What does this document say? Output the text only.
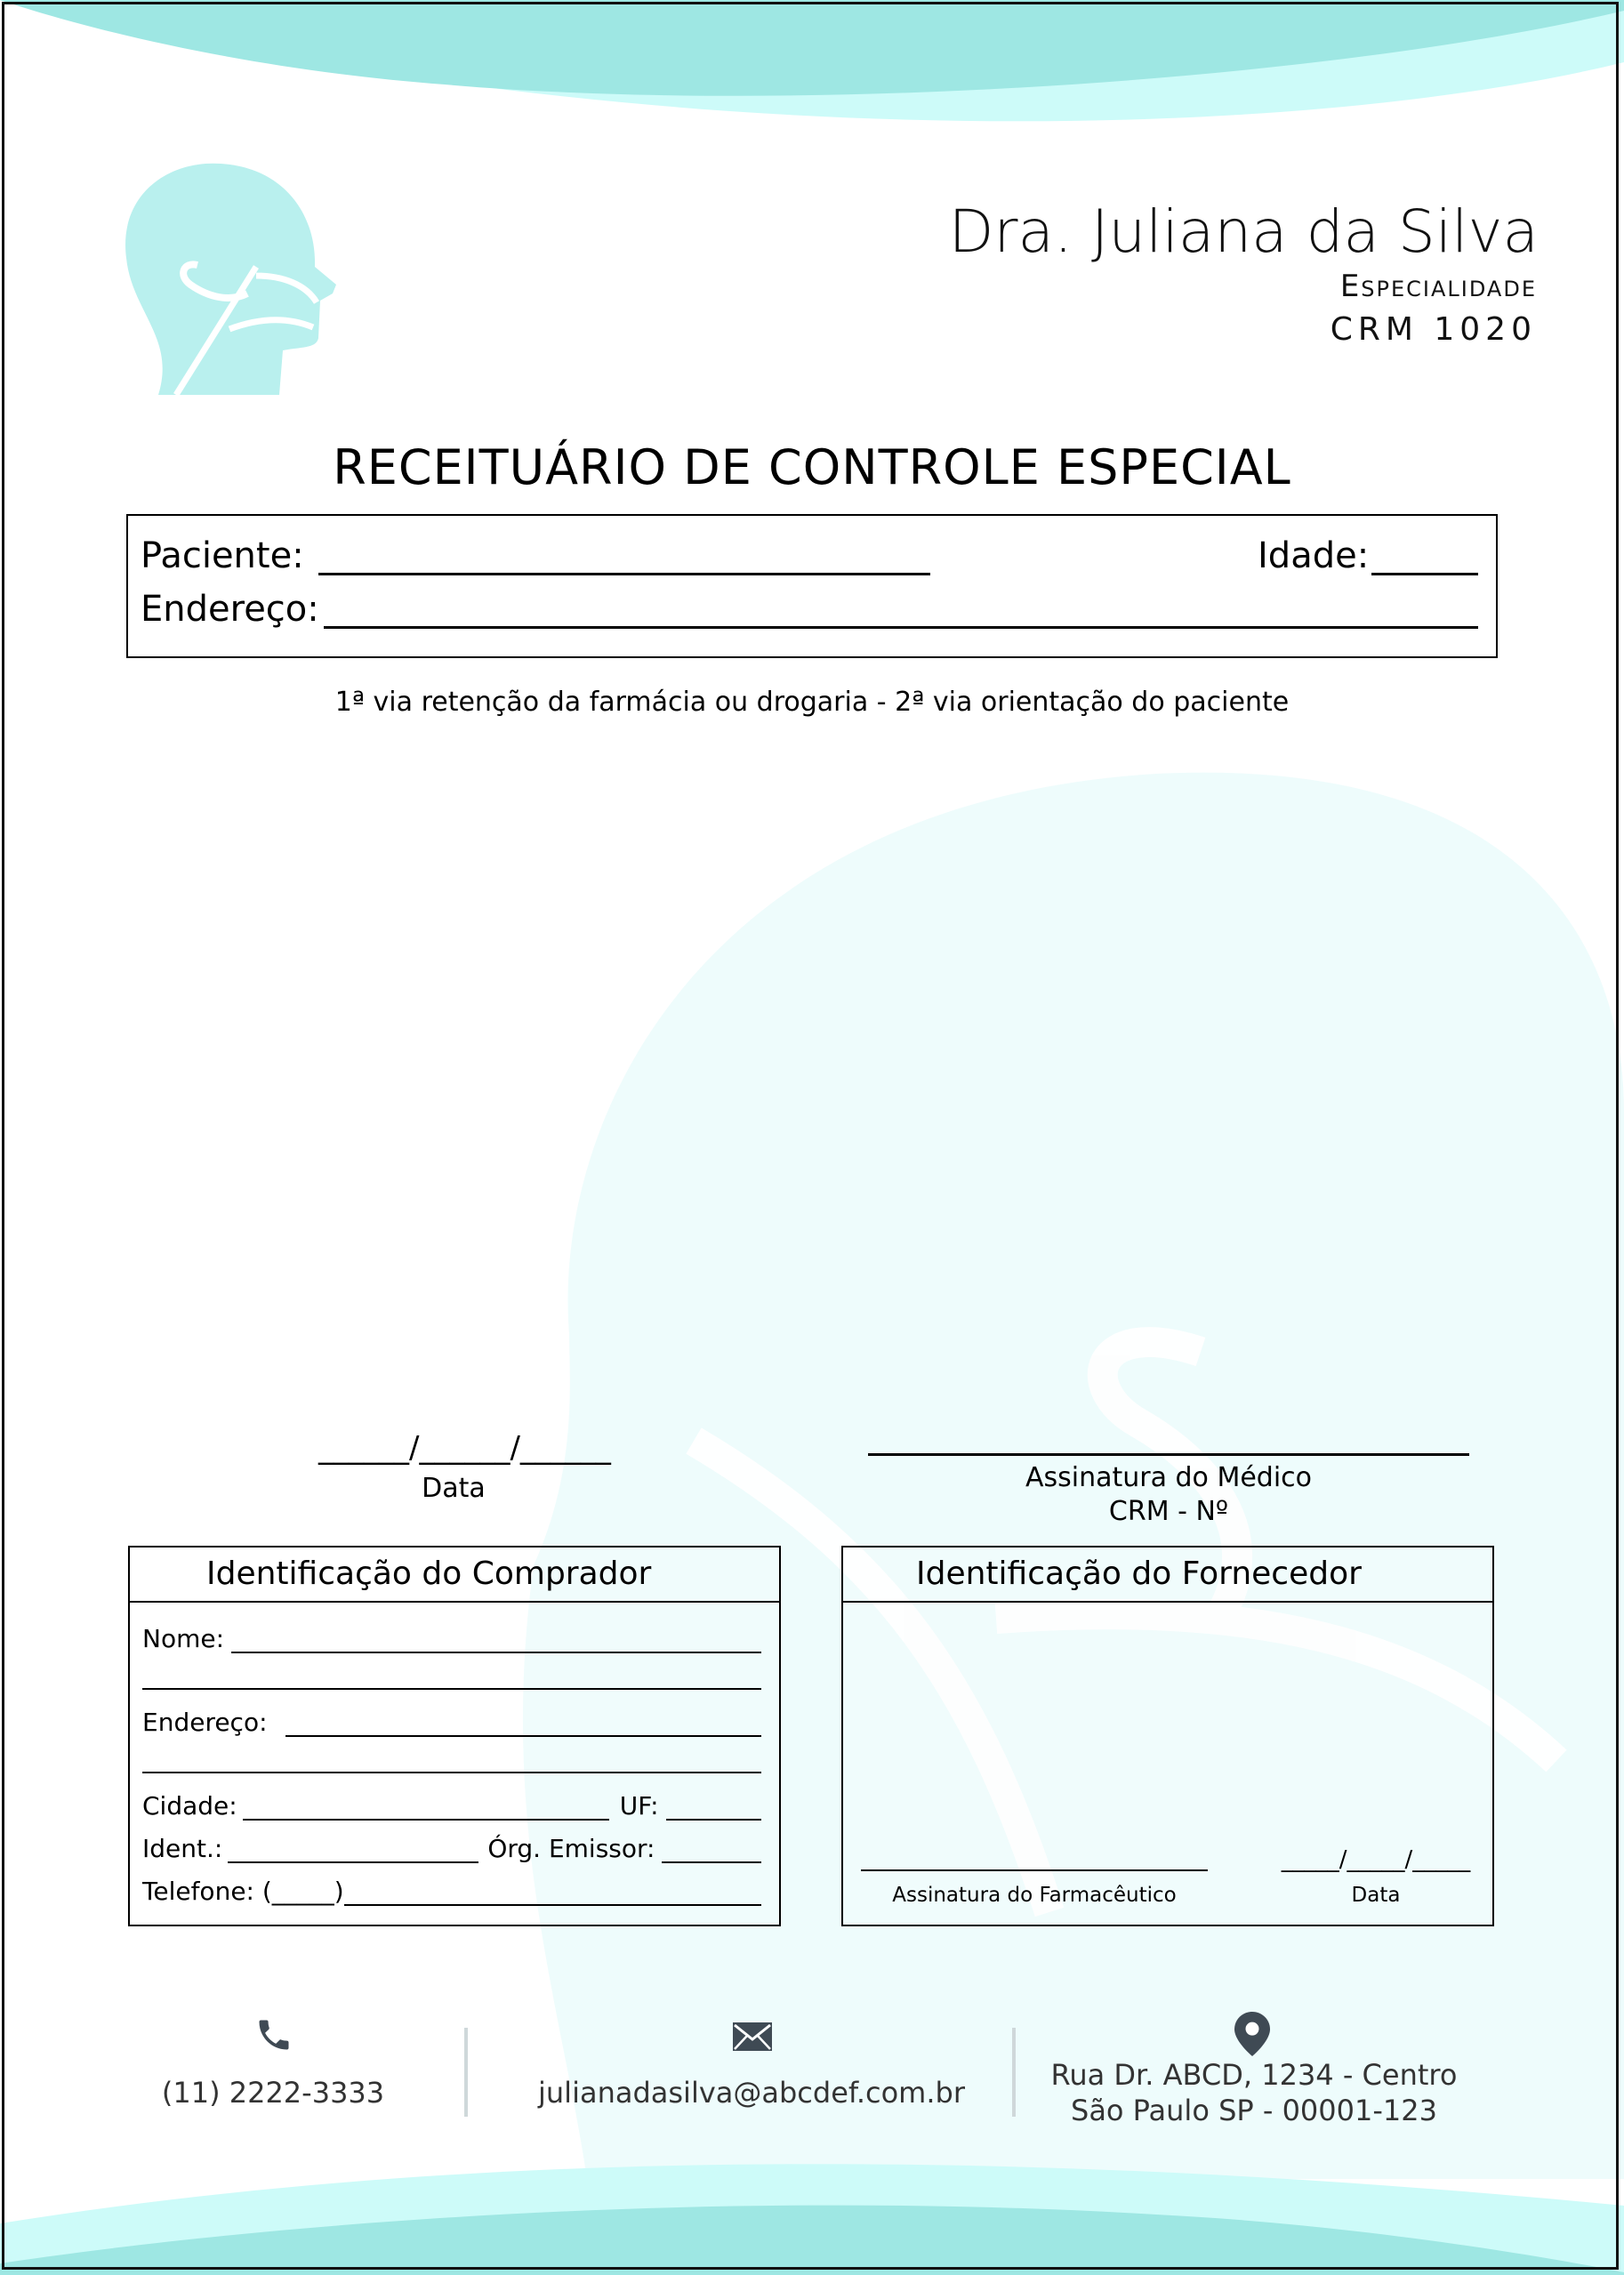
Dra. Juliana da Silva
Especialidade
CRM 1020
RECEITUÁRIO DE CONTROLE ESPECIAL
Paciente:	Idade:
Endereço:
1ª via retenção da farmácia ou drogaria - 2ª via orientação do paciente
______/______/______
Data	Assinatura do Médico
CRM - Nº
Identificação do Comprador
Nome:
Endereço:
Cidade:	UF:
Ident.:	Órg. Emissor:
Telefone: (_____)
Identificação do Fornecedor
Assinatura do Farmacêutico
_____/_____/_____
Data
(11) 2222-3333	julianadasilva@abcdef.com.br
Rua Dr. ABCD, 1234 - Centro
São Paulo SP - 00001-123
